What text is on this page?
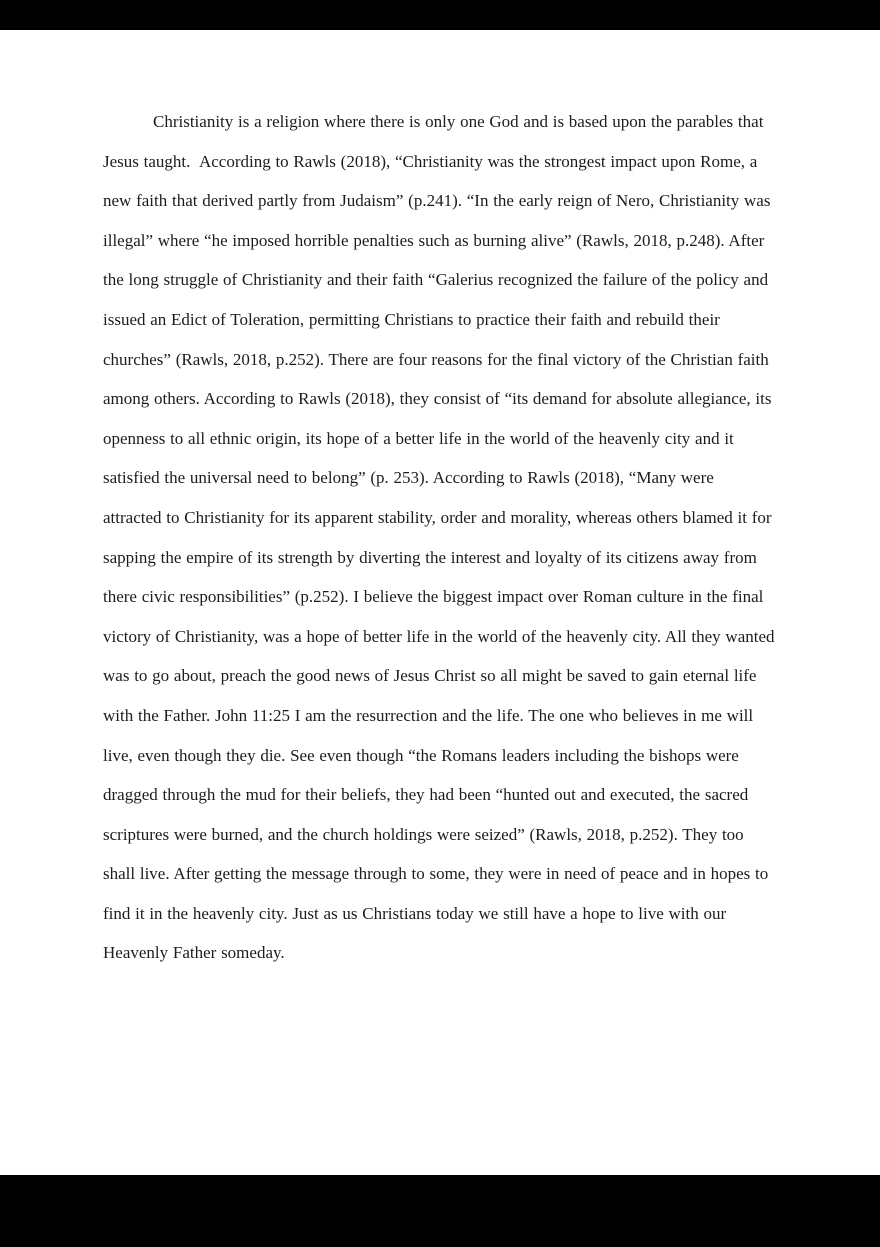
Christianity is a religion where there is only one God and is based upon the parables that Jesus taught.  According to Rawls (2018), “Christianity was the strongest impact upon Rome, a new faith that derived partly from Judaism” (p.241). “In the early reign of Nero, Christianity was illegal” where “he imposed horrible penalties such as burning alive” (Rawls, 2018, p.248). After the long struggle of Christianity and their faith “Galerius recognized the failure of the policy and issued an Edict of Toleration, permitting Christians to practice their faith and rebuild their churches” (Rawls, 2018, p.252). There are four reasons for the final victory of the Christian faith among others. According to Rawls (2018), they consist of “its demand for absolute allegiance, its openness to all ethnic origin, its hope of a better life in the world of the heavenly city and it satisfied the universal need to belong” (p. 253). According to Rawls (2018), “Many were attracted to Christianity for its apparent stability, order and morality, whereas others blamed it for sapping the empire of its strength by diverting the interest and loyalty of its citizens away from there civic responsibilities” (p.252). I believe the biggest impact over Roman culture in the final victory of Christianity, was a hope of better life in the world of the heavenly city. All they wanted was to go about, preach the good news of Jesus Christ so all might be saved to gain eternal life with the Father. John 11:25 I am the resurrection and the life. The one who believes in me will live, even though they die. See even though “the Romans leaders including the bishops were dragged through the mud for their beliefs, they had been “hunted out and executed, the sacred scriptures were burned, and the church holdings were seized” (Rawls, 2018, p.252). They too shall live. After getting the message through to some, they were in need of peace and in hopes to find it in the heavenly city. Just as us Christians today we still have a hope to live with our Heavenly Father someday.
